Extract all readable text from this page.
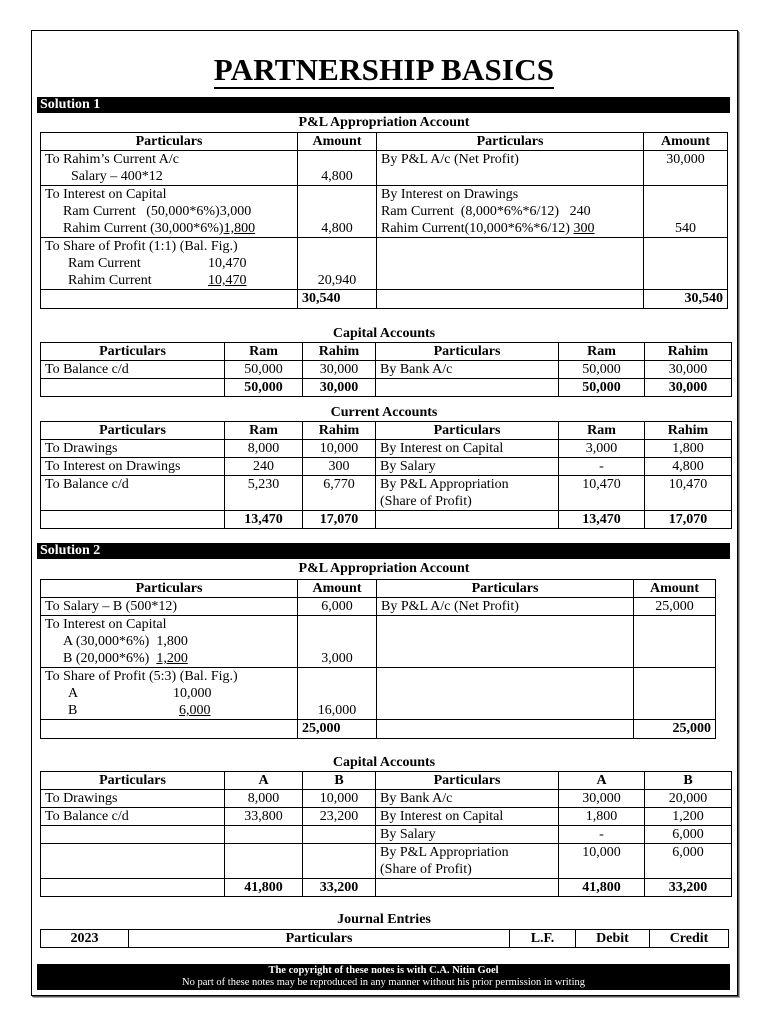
PARTNERSHIP BASICS
Solution 1
P&L Appropriation Account
Particulars	Amount	Particulars	Amount

To Rahim’s Current A/c
Salary – 400*12	4,800	By P&L A/c (Net Profit)	30,000

To Interest on Capital
Ram Current   (50,000*6%)3,000
Rahim Current (30,000*6%)1,800	4,800	By Interest on Drawings
Ram Current  (8,000*6%*6/12)   240
Rahim Current(10,000*6%*6/12) 300	540

To Share of Profit (1:1) (Bal. Fig.)
Ram Current 10,470
Rahim Current 10,470	20,940		
	30,540		30,540
Capital Accounts
Particulars	Ram	Rahim	Particulars	Ram	Rahim
To Balance c/d	50,000	30,000	By Bank A/c	50,000	30,000
	50,000	30,000		50,000	30,000
Current Accounts
Particulars	Ram	Rahim	Particulars	Ram	Rahim
To Drawings	8,000	10,000	By Interest on Capital	3,000	1,800
To Interest on Drawings	240	300	By Salary	-	4,800
To Balance c/d	5,230	6,770	By P&L Appropriation
(Share of Profit)	10,470	10,470
	13,470	17,070		13,470	17,070
Solution 2
P&L Appropriation Account
Particulars	Amount	Particulars	Amount
To Salary – B (500*12)	6,000	By P&L A/c (Net Profit)	25,000

To Interest on Capital
A (30,000*6%)  1,800
B (20,000*6%)  1,200	3,000		

To Share of Profit (5:3) (Bal. Fig.)
A 10,000
B 6,000	16,000		
	25,000		25,000
Capital Accounts
Particulars	A	B	Particulars	A	B
To Drawings	8,000	10,000	By Bank A/c	30,000	20,000
To Balance c/d	33,800	23,200	By Interest on Capital	1,800	1,200
			By Salary	-	6,000

			By P&L Appropriation
(Share of Profit)	10,000	6,000
	41,800	33,200		41,800	33,200
Journal Entries
2023	Particulars	L.F.	Debit	Credit
The copyright of these notes is with C.A. Nitin Goel
No part of these notes may be reproduced in any manner without his prior permission in writing
